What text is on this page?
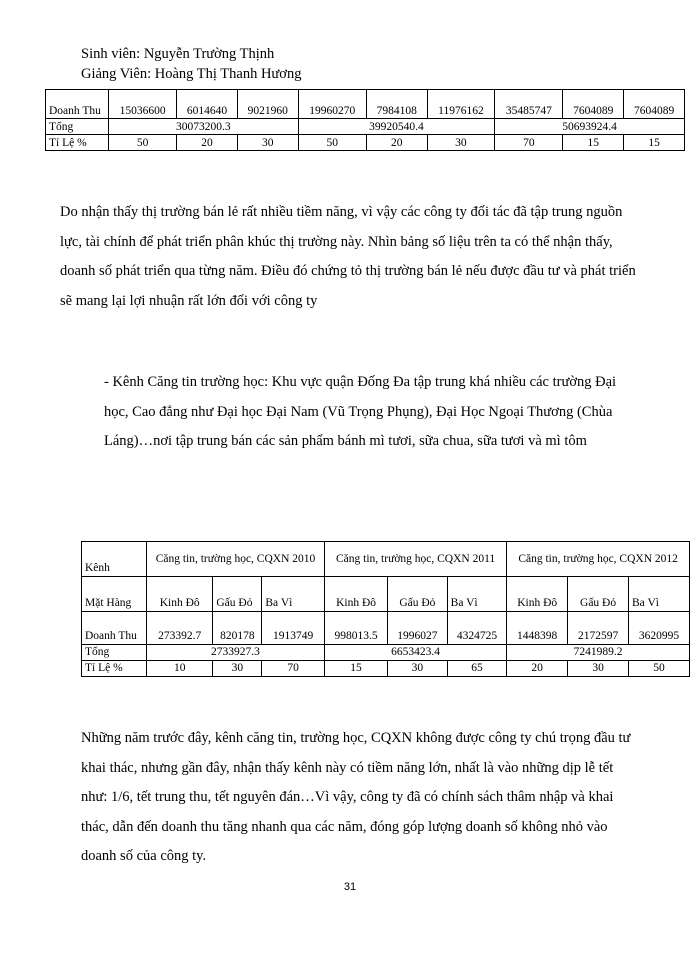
Sinh viên: Nguyễn Trường Thịnh
Giảng Viên: Hoàng Thị Thanh Hương
Doanh Thu	15036600	6014640	9021960	19960270	7984108	11976162	35485747	7604089	7604089
Tổng	30073200.3			39920540.4			50693924.4		
Tỉ Lệ %	50	20	30	50	20	30	70	15	15

Do nhận thấy thị trường bán lẻ rất nhiều tiềm năng, vì vậy các công ty đối tác đã tập trung nguồn lực, tài chính để phát triển phân khúc thị trường này. Nhìn bảng số liệu trên ta có thể nhận thấy, doanh số phát triển qua từng năm. Điều đó chứng tỏ thị trường bán lẻ nếu được đầu tư và phát triển sẽ mang lại lợi nhuận rất lớn đối với công ty

- Kênh Căng tin trường học: Khu vực quận Đống Đa tập trung khá nhiều các trường Đại học, Cao đẳng như Đại học Đại Nam (Vũ Trọng Phụng), Đại Học Ngoại Thương (Chùa Láng)…nơi tập trung bán các sản phẩm bánh mì tươi, sữa chua, sữa tươi và mì tôm

Kênh	Căng tin, trường học, CQXN 2010			Căng tin, trường học, CQXN 2011			Căng tin, trường học, CQXN 2012		
Mặt Hàng	Kinh Đô	Gấu Đỏ	Ba Vì	Kinh Đô	Gấu Đỏ	Ba Vì	Kinh Đô	Gấu Đỏ	Ba Vì
Doanh Thu	273392.7	820178	1913749	998013.5	1996027	4324725	1448398	2172597	3620995
Tổng	2733927.3			6653423.4			7241989.2		
Tỉ Lệ %	10	30	70	15	30	65	20	30	50

Những năm trước đây, kênh căng tin, trường học, CQXN không được công ty chú trọng đầu tư khai thác, nhưng gần đây, nhận thấy kênh này có tiềm năng lớn, nhất là vào những dịp lễ tết như: 1/6, tết trung thu, tết nguyên đán…Vì vậy, công ty đã có chính sách thâm nhập và khai thác, dẫn đến doanh thu tăng nhanh qua các năm, đóng góp lượng doanh số không nhỏ vào doanh số của công ty.

31
